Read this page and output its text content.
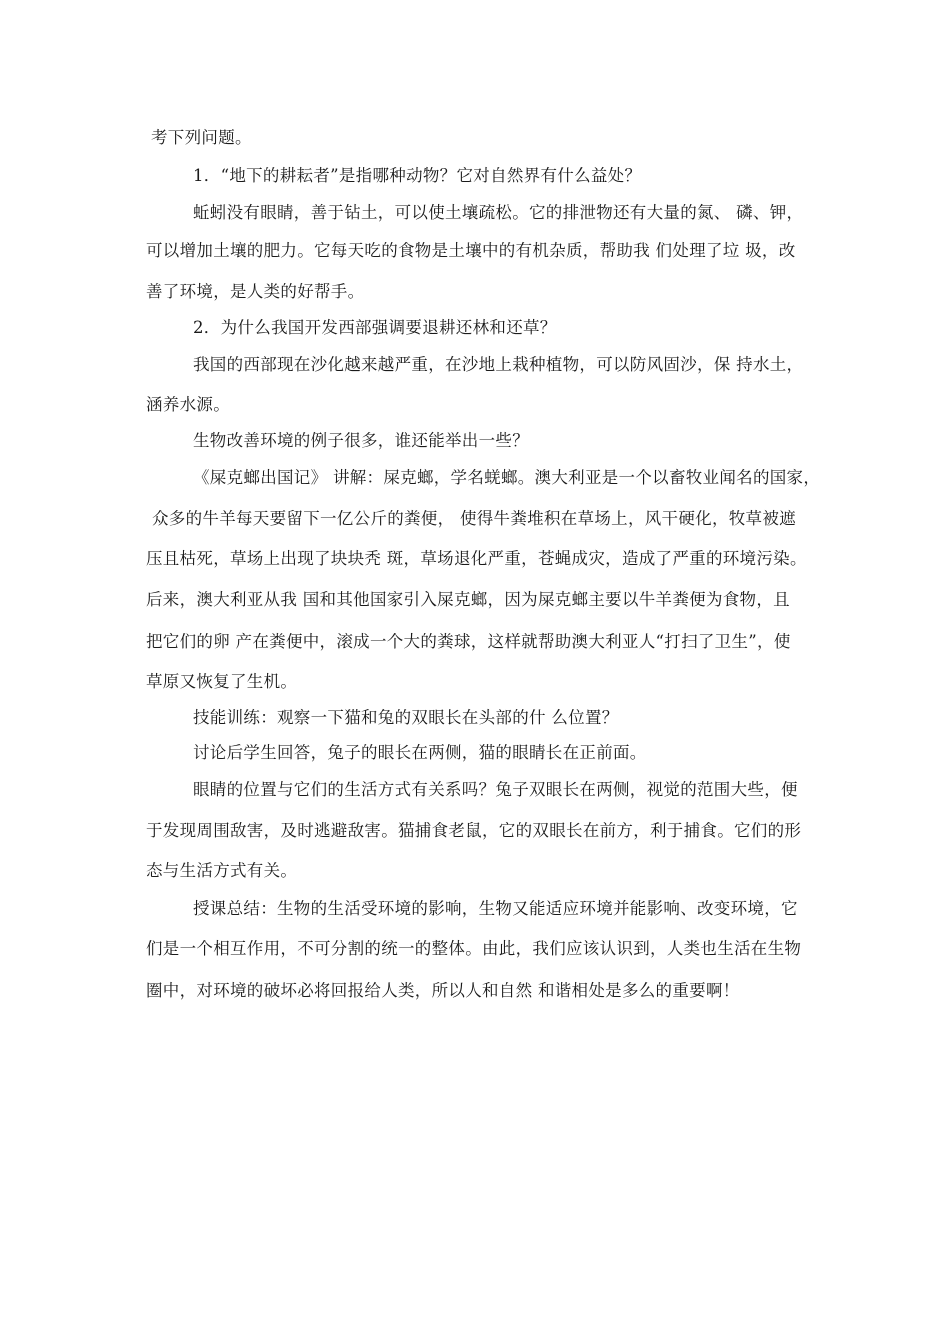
考下列问题。
1．“地下的耕耘者”是指哪种动物？它对自然界有什么益处？
蚯蚓没有眼睛，善于钻土，可以使土壤疏松。它的排泄物还有大量的氮、 磷、钾，
可以增加土壤的肥力。它每天吃的食物是土壤中的有机杂质，帮助我 们处理了垃 圾，改
善了环境，是人类的好帮手。
2．为什么我国开发西部强调要退耕还林和还草？
我国的西部现在沙化越来越严重，在沙地上栽种植物，可以防风固沙，保 持水土，
涵养水源。
生物改善环境的例子很多，谁还能举出一些？
《屎克螂出国记》 讲解：屎克螂，学名蜣螂。澳大利亚是一个以畜牧业闻名的国家，
众多的牛羊每天要留下一亿公斤的粪便， 使得牛粪堆积在草场上，风干硬化，牧草被遮
压且枯死，草场上出现了块块秃 斑，草场退化严重，苍蝇成灾，造成了严重的环境污染。
后来，澳大利亚从我 国和其他国家引入屎克螂，因为屎克螂主要以牛羊粪便为食物，且
把它们的卵 产在粪便中，滚成一个大的粪球，这样就帮助澳大利亚人“打扫了卫生”，使
草原又恢复了生机。
技能训练：观察一下猫和兔的双眼长在头部的什 么位置？
讨论后学生回答，兔子的眼长在两侧，猫的眼睛长在正前面。
眼睛的位置与它们的生活方式有关系吗？兔子双眼长在两侧，视觉的范围大些，便
于发现周围敌害，及时逃避敌害。猫捕食老鼠，它的双眼长在前方，利于捕食。它们的形
态与生活方式有关。
授课总结：生物的生活受环境的影响，生物又能适应环境并能影响、改变环境，它
们是一个相互作用，不可分割的统一的整体。由此，我们应该认识到，人类也生活在生物
圈中，对环境的破坏必将回报给人类，所以人和自然 和谐相处是多么的重要啊！
